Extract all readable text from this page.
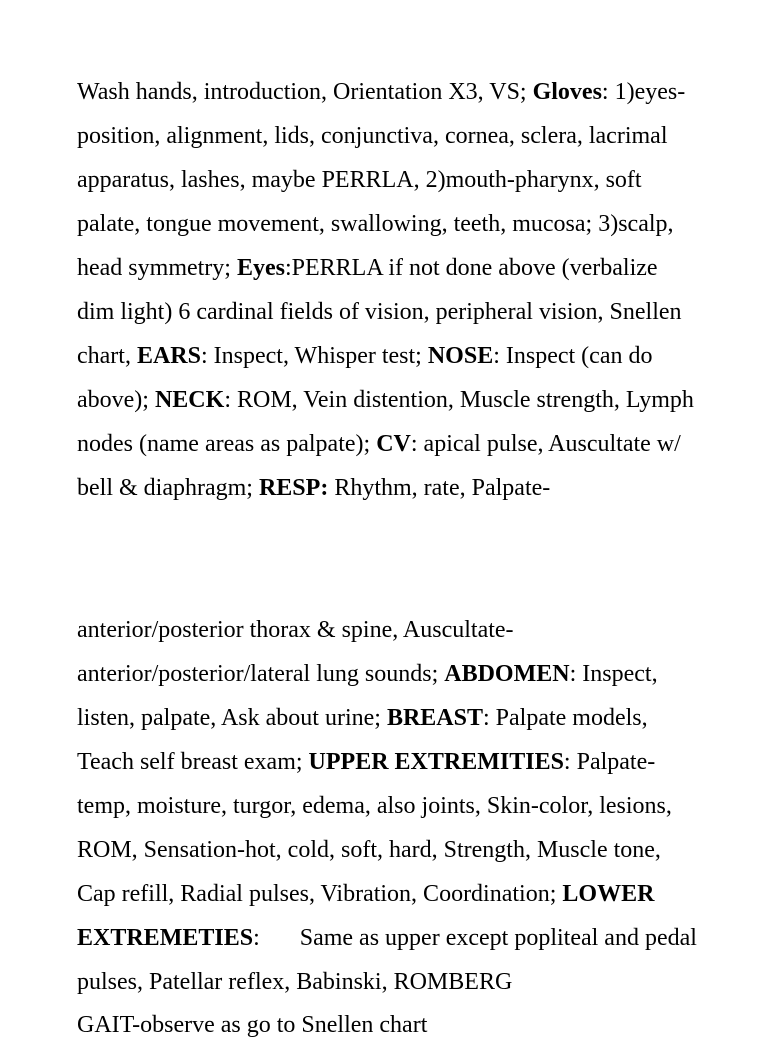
Wash hands, introduction, Orientation X3, VS; Gloves: 1)eyes-
position, alignment, lids, conjunctiva, cornea, sclera, lacrimal
apparatus, lashes, maybe PERRLA, 2)mouth-pharynx, soft
palate, tongue movement, swallowing, teeth, mucosa; 3)scalp,
head symmetry; Eyes:PERRLA if not done above (verbalize
dim light) 6 cardinal fields of vision, peripheral vision, Snellen
chart, EARS: Inspect, Whisper test; NOSE: Inspect (can do
above); NECK: ROM, Vein distention, Muscle strength, Lymph
nodes (name areas as palpate); CV: apical pulse, Auscultate w/
bell & diaphragm; RESP: Rhythm, rate, Palpate-
anterior/posterior thorax & spine, Auscultate-
anterior/posterior/lateral lung sounds; ABDOMEN: Inspect,
listen, palpate, Ask about urine; BREAST: Palpate models,
Teach self breast exam; UPPER EXTREMITIES: Palpate-
temp, moisture, turgor, edema, also joints, Skin-color, lesions,
ROM, Sensation-hot, cold, soft, hard, Strength, Muscle tone,
Cap refill, Radial pulses, Vibration, Coordination; LOWER
EXTREMETIES: Same as upper except popliteal and pedal
pulses, Patellar reflex, Babinski, ROMBERG
GAIT-observe as go to Snellen chart
